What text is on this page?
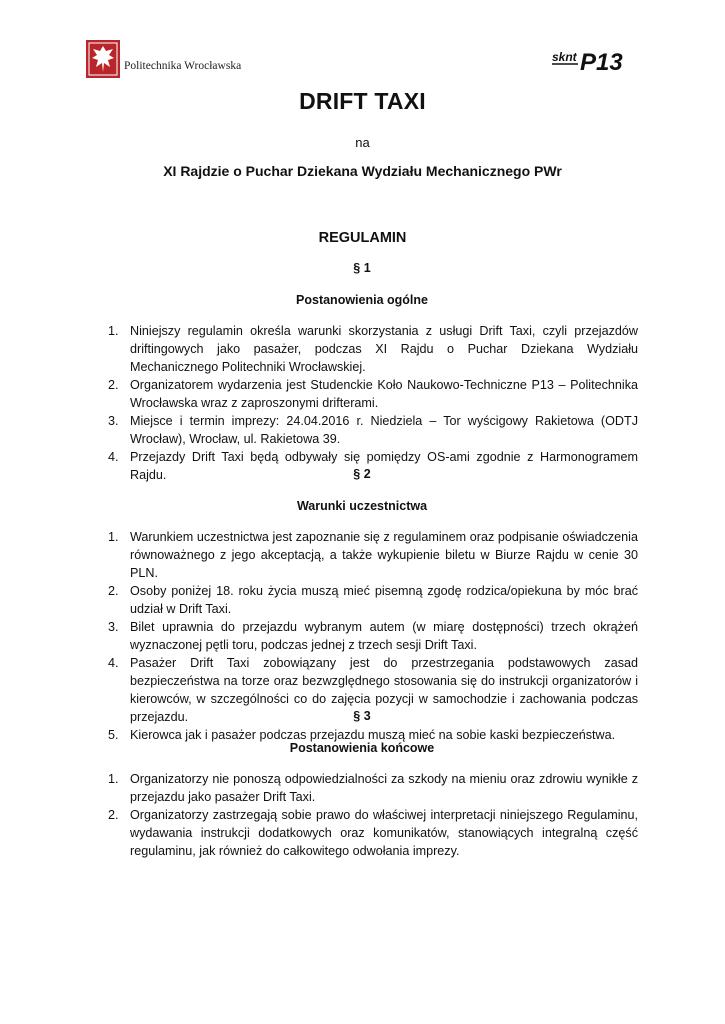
Politechnika Wrocławska
sknt P13
DRIFT TAXI
na
XI Rajdzie o Puchar Dziekana Wydziału Mechanicznego PWr
REGULAMIN
§ 1
Postanowienia ogólne
1. Niniejszy regulamin określa warunki skorzystania z usługi Drift Taxi, czyli przejazdów driftingowych jako pasażer, podczas XI Rajdu o Puchar Dziekana Wydziału Mechanicznego Politechniki Wrocławskiej.
2. Organizatorem wydarzenia jest Studenckie Koło Naukowo-Techniczne P13 – Politechnika Wrocławska wraz z zaproszonymi drifterami.
3. Miejsce i termin imprezy: 24.04.2016 r. Niedziela – Tor wyścigowy Rakietowa (ODTJ Wrocław), Wrocław, ul. Rakietowa 39.
4. Przejazdy Drift Taxi będą odbywały się pomiędzy OS-ami zgodnie z Harmonogramem Rajdu.	§ 2
Warunki uczestnictwa
1. Warunkiem uczestnictwa jest zapoznanie się z regulaminem oraz podpisanie oświadczenia równoważnego z jego akceptacją, a także wykupienie biletu w Biurze Rajdu w cenie 30 PLN.
2. Osoby poniżej 18. roku życia muszą mieć pisemną zgodę rodzica/opiekuna by móc brać udział w Drift Taxi.
3. Bilet uprawnia do przejazdu wybranym autem (w miarę dostępności) trzech okrążeń wyznaczonej pętli toru, podczas jednej z trzech sesji Drift Taxi.
4. Pasażer Drift Taxi zobowiązany jest do przestrzegania podstawowych zasad bezpieczeństwa na torze oraz bezwzględnego stosowania się do instrukcji organizatorów i kierowców, w szczególności co do zajęcia pozycji w samochodzie i zachowania podczas przejazdu.
5. Kierowca jak i pasażer podczas przejazdu muszą mieć na sobie kaski bezpieczeństwa.
§ 3
Postanowienia końcowe
1. Organizatorzy nie ponoszą odpowiedzialności za szkody na mieniu oraz zdrowiu wynikłe z przejazdu jako pasażer Drift Taxi.
2. Organizatorzy zastrzegają sobie prawo do właściwej interpretacji niniejszego Regulaminu, wydawania instrukcji dodatkowych oraz komunikatów, stanowiących integralną część regulaminu, jak również do całkowitego odwołania imprezy.
